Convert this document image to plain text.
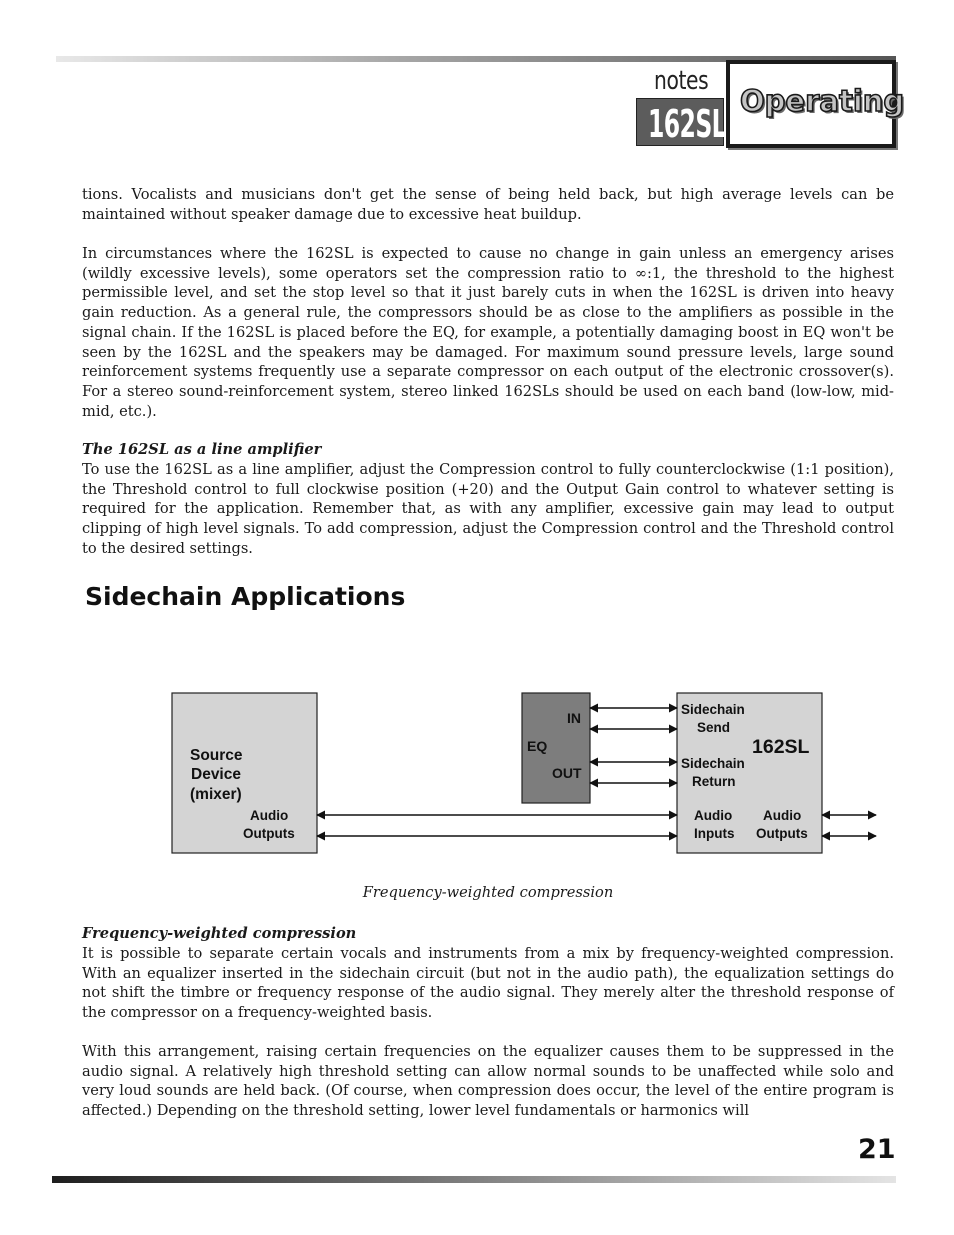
notes
162SL
Operating
tions. Vocalists and musicians don't get the sense of being held back, but high average levels can be maintained without speaker damage due to excessive heat buildup.
In circumstances where the 162SL is expected to cause no change in gain unless an emergency arises (wildly excessive levels), some operators set the compression ratio to ∞:1, the threshold to the highest permissible level, and set the stop level so that it just barely cuts in when the 162SL is driven into heavy gain reduction. As a general rule, the compressors should be as close to the amplifiers as possible in the signal chain. If the 162SL is placed before the EQ, for example, a potentially damaging boost in EQ won't be seen by the 162SL and the speakers may be damaged. For maximum sound pressure levels, large sound reinforcement systems frequently use a separate compressor on each output of the electronic crossover(s). For a stereo sound-reinforcement system, stereo linked 162SLs should be used on each band (low-low, mid-mid, etc.).
The 162SL as a line amplifier
To use the 162SL as a line amplifier, adjust the Compression control to fully counterclockwise (1:1 position), the Threshold control to full clockwise position (+20) and the Output Gain control to whatever setting is required for the application. Remember that, as with any amplifier, excessive gain may lead to output clipping of high level signals. To add compression, adjust the Compression control and the Threshold control to the desired settings.
Sidechain Applications
Source
Device
(mixer)
Audio
Outputs
IN
EQ
OUT
Sidechain
Send
162SL
Sidechain
Return
Audio
Inputs
Audio
Outputs
Frequency-weighted compression
Frequency-weighted compression
It is possible to separate certain vocals and instruments from a mix by frequency-weighted compression. With an equalizer inserted in the sidechain circuit (but not in the audio path), the equalization settings do not shift the timbre or frequency response of the audio signal. They merely alter the threshold response of the compressor on a frequency-weighted basis.
With this arrangement, raising certain frequencies on the equalizer causes them to be suppressed in the audio signal. A relatively high threshold setting can allow normal sounds to be unaffected while solo and very loud sounds are held back. (Of course, when compression does occur, the level of the entire program is affected.) Depending on the threshold setting, lower level fundamentals or harmonics will
21
